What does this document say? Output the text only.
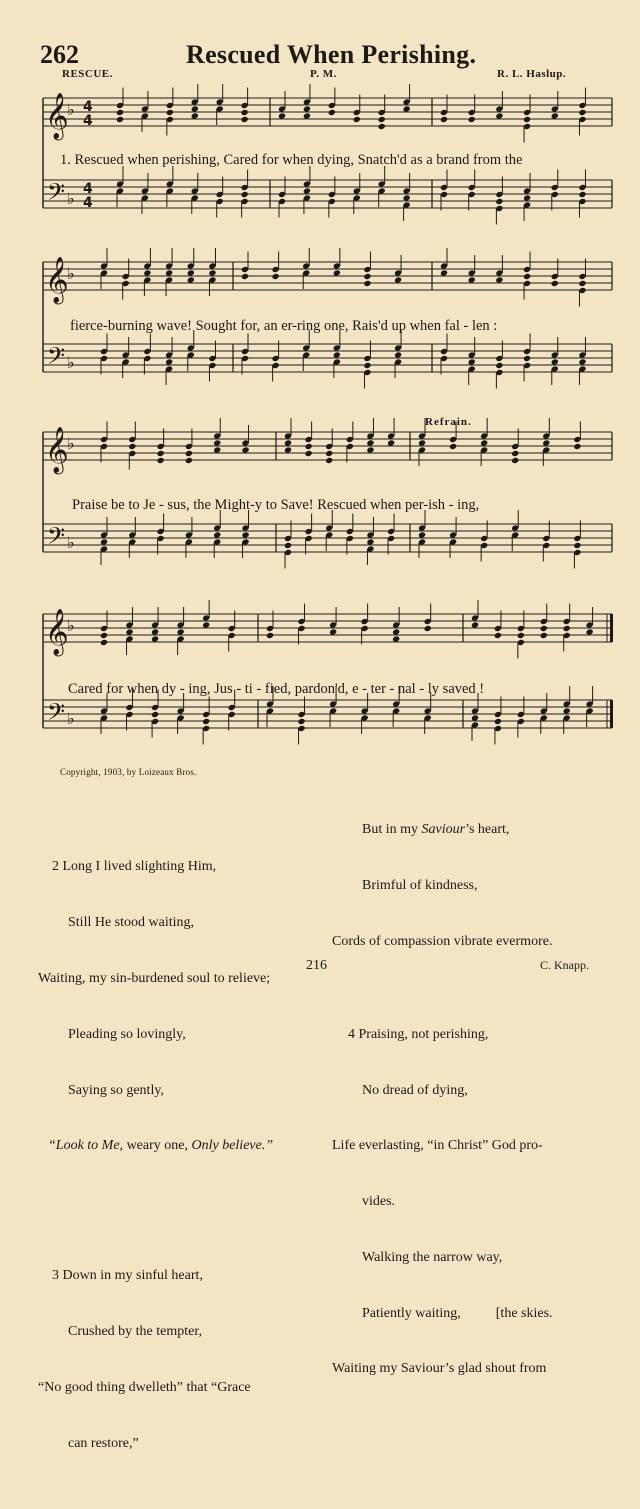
262	Rescued When Perishing.
RESCUE.	P. M.	R. L. Haslup.
𝄞
♭ 4
4
𝄢 ♭ 4
4
𝄞
♭
𝄢 ♭
𝄞
♭
𝄢 ♭
𝄞
♭
𝄢 ♭
1. Rescued when perishing, Cared for when dying, Snatch'd as a brand from the
fierce-burning wave! Sought for, an er-ring one, Rais'd up when fal - len :
Refrain.
Praise be to Je - sus, the Might-y to Save! Rescued when per-ish - ing,
Cared for when dy - ing, Jus - ti - fied, pardon'd, e - ter - nal - ly saved !
Copyright, 1903, by Loizeaux Bros.

2 Long I lived slighting Him,

Still He stood waiting,

Waiting, my sin-burdened soul to relieve;

Pleading so lovingly,

Saying so gently,

“Look to Me, weary one, Only believe.”

3 Down in my sinful heart,

Crushed by the tempter,

“No good thing dwelleth” that “Grace

can restore,”

But in my Saviour’s heart,

Brimful of kindness,

Cords of compassion vibrate evermore.

4 Praising, not perishing,

No dread of dying,

Life everlasting, “in Christ” God pro-

vides.

Walking the narrow way,

Patiently waiting,          [the skies.

Waiting my Saviour’s glad shout from

216	C. Knapp.
